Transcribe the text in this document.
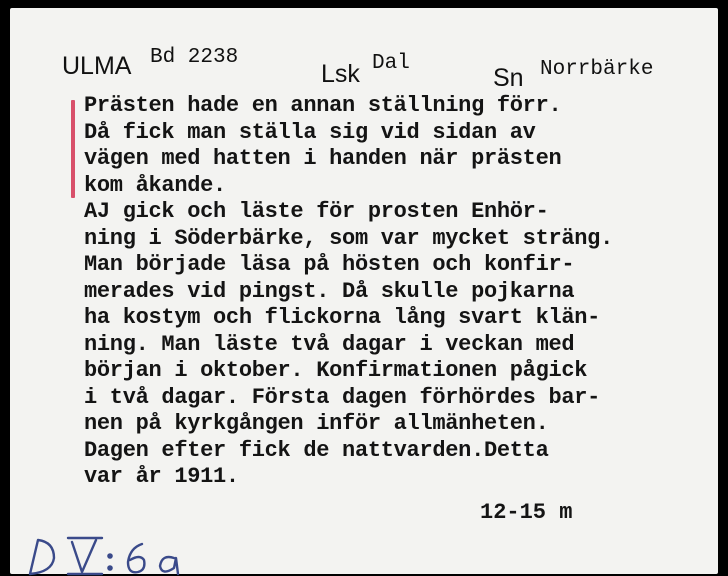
ULMA Bd 2238
Lsk Dal
Sn Norrbärke
Prästen hade en annan ställning förr.
Då fick man ställa sig vid sidan av
vägen med hatten i handen när prästen
kom åkande.
AJ gick och läste för prosten Enhör-
ning i Söderbärke, som var mycket sträng.
Man började läsa på hösten och konfir-
merades vid pingst. Då skulle pojkarna
ha kostym och flickorna lång svart klän-
ning. Man läste två dagar i veckan med
början i oktober. Konfirmationen pågick
i två dagar. Första dagen förhördes bar-
nen på kyrkgången inför allmänheten.
Dagen efter fick de nattvarden.Detta
var år 1911.
12-15 m
